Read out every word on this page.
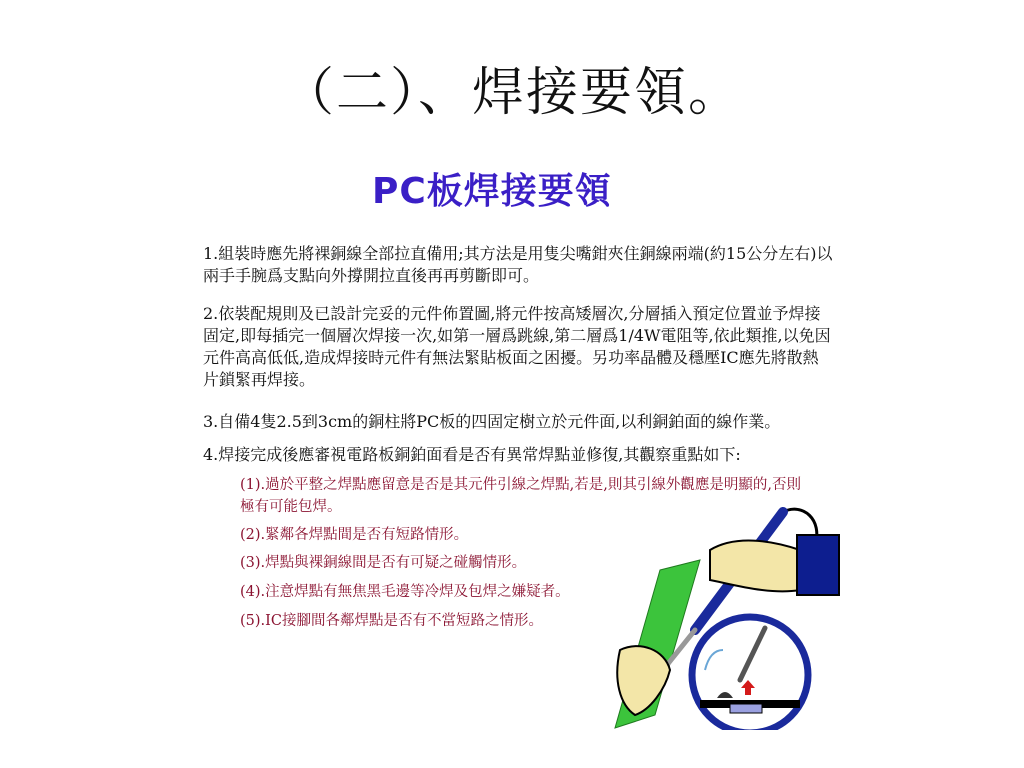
（二）、焊接要領。
PC板焊接要領
1.組裝時應先將裸銅線全部拉直備用;其方法是用隻尖嘴鉗夾住銅線兩端(約15公分左右)以兩手手腕爲支點向外撐開拉直後再再剪斷即可。
2.依裝配規則及已設計完妥的元件佈置圖,將元件按高矮層次,分層插入預定位置並予焊接固定,即每插完一個層次焊接一次,如第一層爲跳線,第二層爲1/4W電阻等,依此類推,以免因元件高高低低,造成焊接時元件有無法緊貼板面之困擾。另功率晶體及穩壓IC應先將散熱片鎖緊再焊接。
3.自備4隻2.5到3cm的銅柱將PC板的四固定樹立於元件面,以利銅鉑面的線作業。
4.焊接完成後應審視電路板銅鉑面看是否有異常焊點並修復,其觀察重點如下:
(1).過於平整之焊點應留意是否是其元件引線之焊點,若是,則其引線外觀應是明顯的,否則極有可能包焊。
(2).緊鄰各焊點間是否有短路情形。
(3).焊點與裸銅線間是否有可疑之碰觸情形。
(4).注意焊點有無焦黑毛邊等冷焊及包焊之嫌疑者。
(5).IC接腳間各鄰焊點是否有不當短路之情形。
